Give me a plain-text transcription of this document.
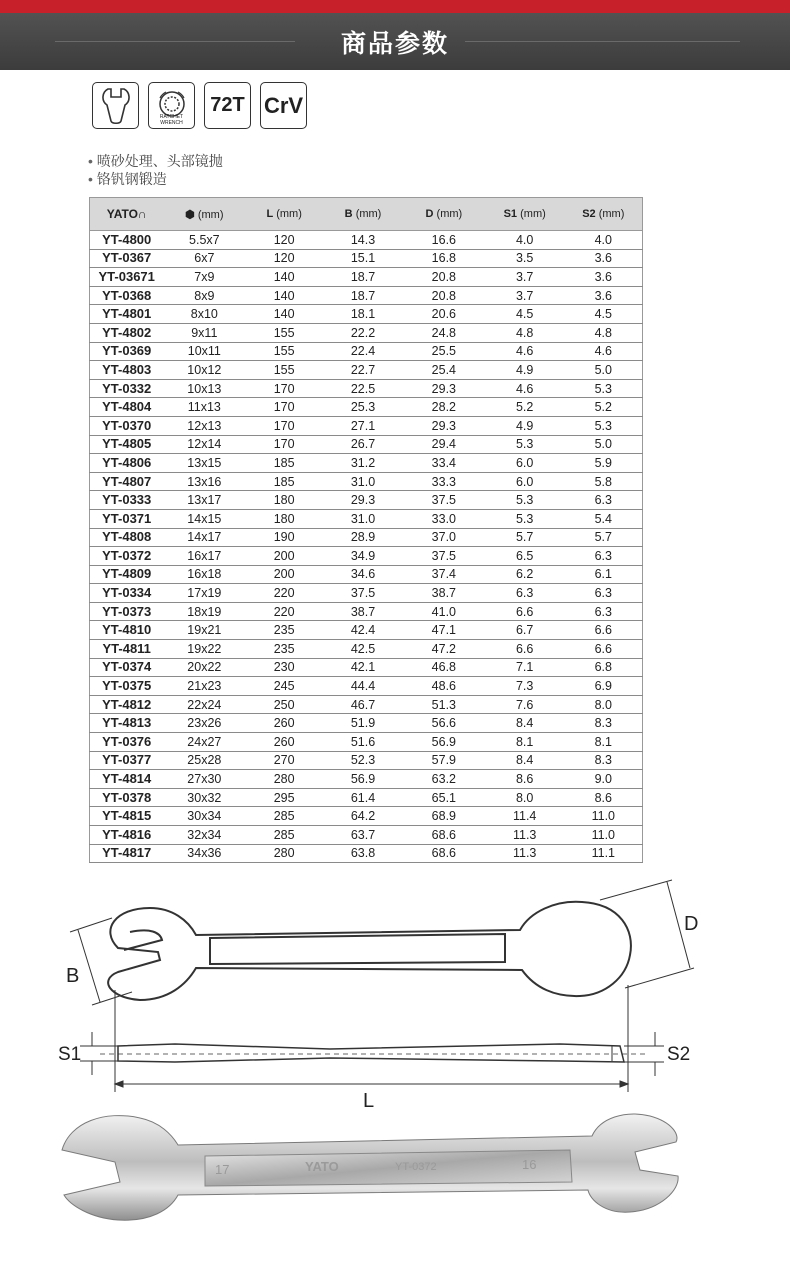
商品参数
RATCHET WRENCH
72T CrV
• 喷砂处理、头部镜抛
• 铬钒钢锻造
YATO∩	⬢ (mm)	L (mm)	B (mm)	D (mm)	S1 (mm)	S2 (mm)
YT-4800	5.5x7	120	14.3	16.6	4.0	4.0
YT-0367	6x7	120	15.1	16.8	3.5	3.6
YT-03671	7x9	140	18.7	20.8	3.7	3.6
YT-0368	8x9	140	18.7	20.8	3.7	3.6
YT-4801	8x10	140	18.1	20.6	4.5	4.5
YT-4802	9x11	155	22.2	24.8	4.8	4.8
YT-0369	10x11	155	22.4	25.5	4.6	4.6
YT-4803	10x12	155	22.7	25.4	4.9	5.0
YT-0332	10x13	170	22.5	29.3	4.6	5.3
YT-4804	11x13	170	25.3	28.2	5.2	5.2
YT-0370	12x13	170	27.1	29.3	4.9	5.3
YT-4805	12x14	170	26.7	29.4	5.3	5.0
YT-4806	13x15	185	31.2	33.4	6.0	5.9
YT-4807	13x16	185	31.0	33.3	6.0	5.8
YT-0333	13x17	180	29.3	37.5	5.3	6.3
YT-0371	14x15	180	31.0	33.0	5.3	5.4
YT-4808	14x17	190	28.9	37.0	5.7	5.7
YT-0372	16x17	200	34.9	37.5	6.5	6.3
YT-4809	16x18	200	34.6	37.4	6.2	6.1
YT-0334	17x19	220	37.5	38.7	6.3	6.3
YT-0373	18x19	220	38.7	41.0	6.6	6.3
YT-4810	19x21	235	42.4	47.1	6.7	6.6
YT-4811	19x22	235	42.5	47.2	6.6	6.6
YT-0374	20x22	230	42.1	46.8	7.1	6.8
YT-0375	21x23	245	44.4	48.6	7.3	6.9
YT-4812	22x24	250	46.7	51.3	7.6	8.0
YT-4813	23x26	260	51.9	56.6	8.4	8.3
YT-0376	24x27	260	51.6	56.9	8.1	8.1
YT-0377	25x28	270	52.3	57.9	8.4	8.3
YT-4814	27x30	280	56.9	63.2	8.6	9.0
YT-0378	30x32	295	61.4	65.1	8.0	8.6
YT-4815	30x34	285	64.2	68.9	11.4	11.0
YT-4816	32x34	285	63.7	68.6	11.3	11.0
YT-4817	34x36	280	63.8	68.6	11.3	11.1
B
D
S1	S2
L
17	YATO	YT-0372	16
